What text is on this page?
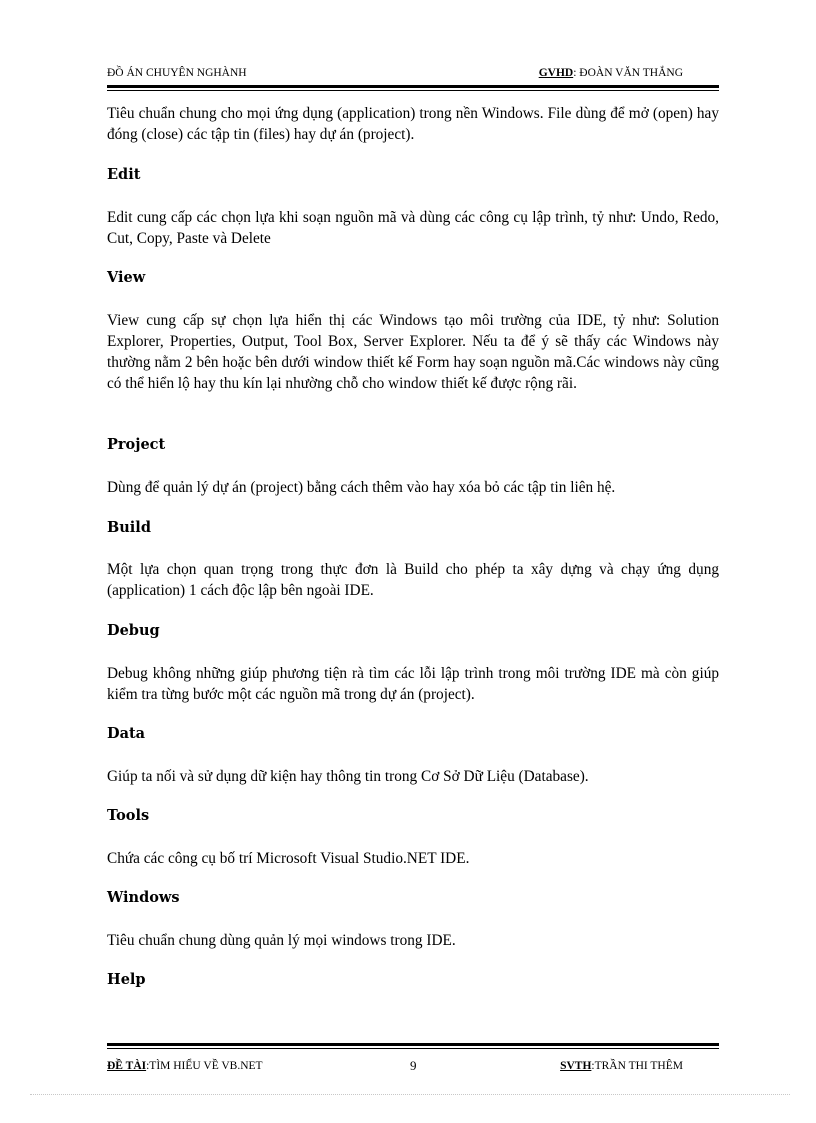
ĐỒ ÁN CHUYÊN NGHÀNH	GVHD: ĐOÀN VĂN THẮNG
Tiêu chuẩn chung cho mọi ứng dụng (application) trong nền Windows. File dùng để mở (open) hay đóng (close) các tập tin (files) hay dự án (project).
Edit
Edit cung cấp các chọn lựa khi soạn nguồn mã và dùng các công cụ lập trình, tỷ như: Undo, Redo, Cut, Copy, Paste và Delete
View
View cung cấp sự chọn lựa hiển thị các Windows tạo môi trường của IDE, tỷ như: Solution Explorer, Properties, Output, Tool Box, Server Explorer. Nếu ta để ý sẽ thấy các Windows này thường nằm 2 bên hoặc bên dưới window thiết kế Form hay soạn nguồn mã.Các windows này cũng có thể hiển lộ hay thu kín lại nhường chỗ cho window thiết kế được rộng rãi.
Project
Dùng để quản lý dự án (project) bằng cách thêm vào hay xóa bỏ các tập tin liên hệ.
Build
Một lựa chọn quan trọng trong thực đơn là Build cho phép ta xây dựng và chạy ứng dụng (application) 1 cách độc lập bên ngoài IDE.
Debug
Debug không những giúp phương tiện rà tìm các lỗi lập trình trong môi trường IDE mà còn giúp kiểm tra từng bước một các nguồn mã trong dự án (project).
Data
Giúp ta nối và sử dụng dữ kiện hay thông tin trong Cơ Sở Dữ Liệu (Database).
Tools
Chứa các công cụ bố trí Microsoft Visual Studio.NET IDE.
Windows
Tiêu chuẩn chung dùng quản lý mọi windows trong IDE.
Help
ĐỀ TÀI:TÌM HIỂU VỀ VB.NET	9	SVTH:TRẦN THI THÊM
